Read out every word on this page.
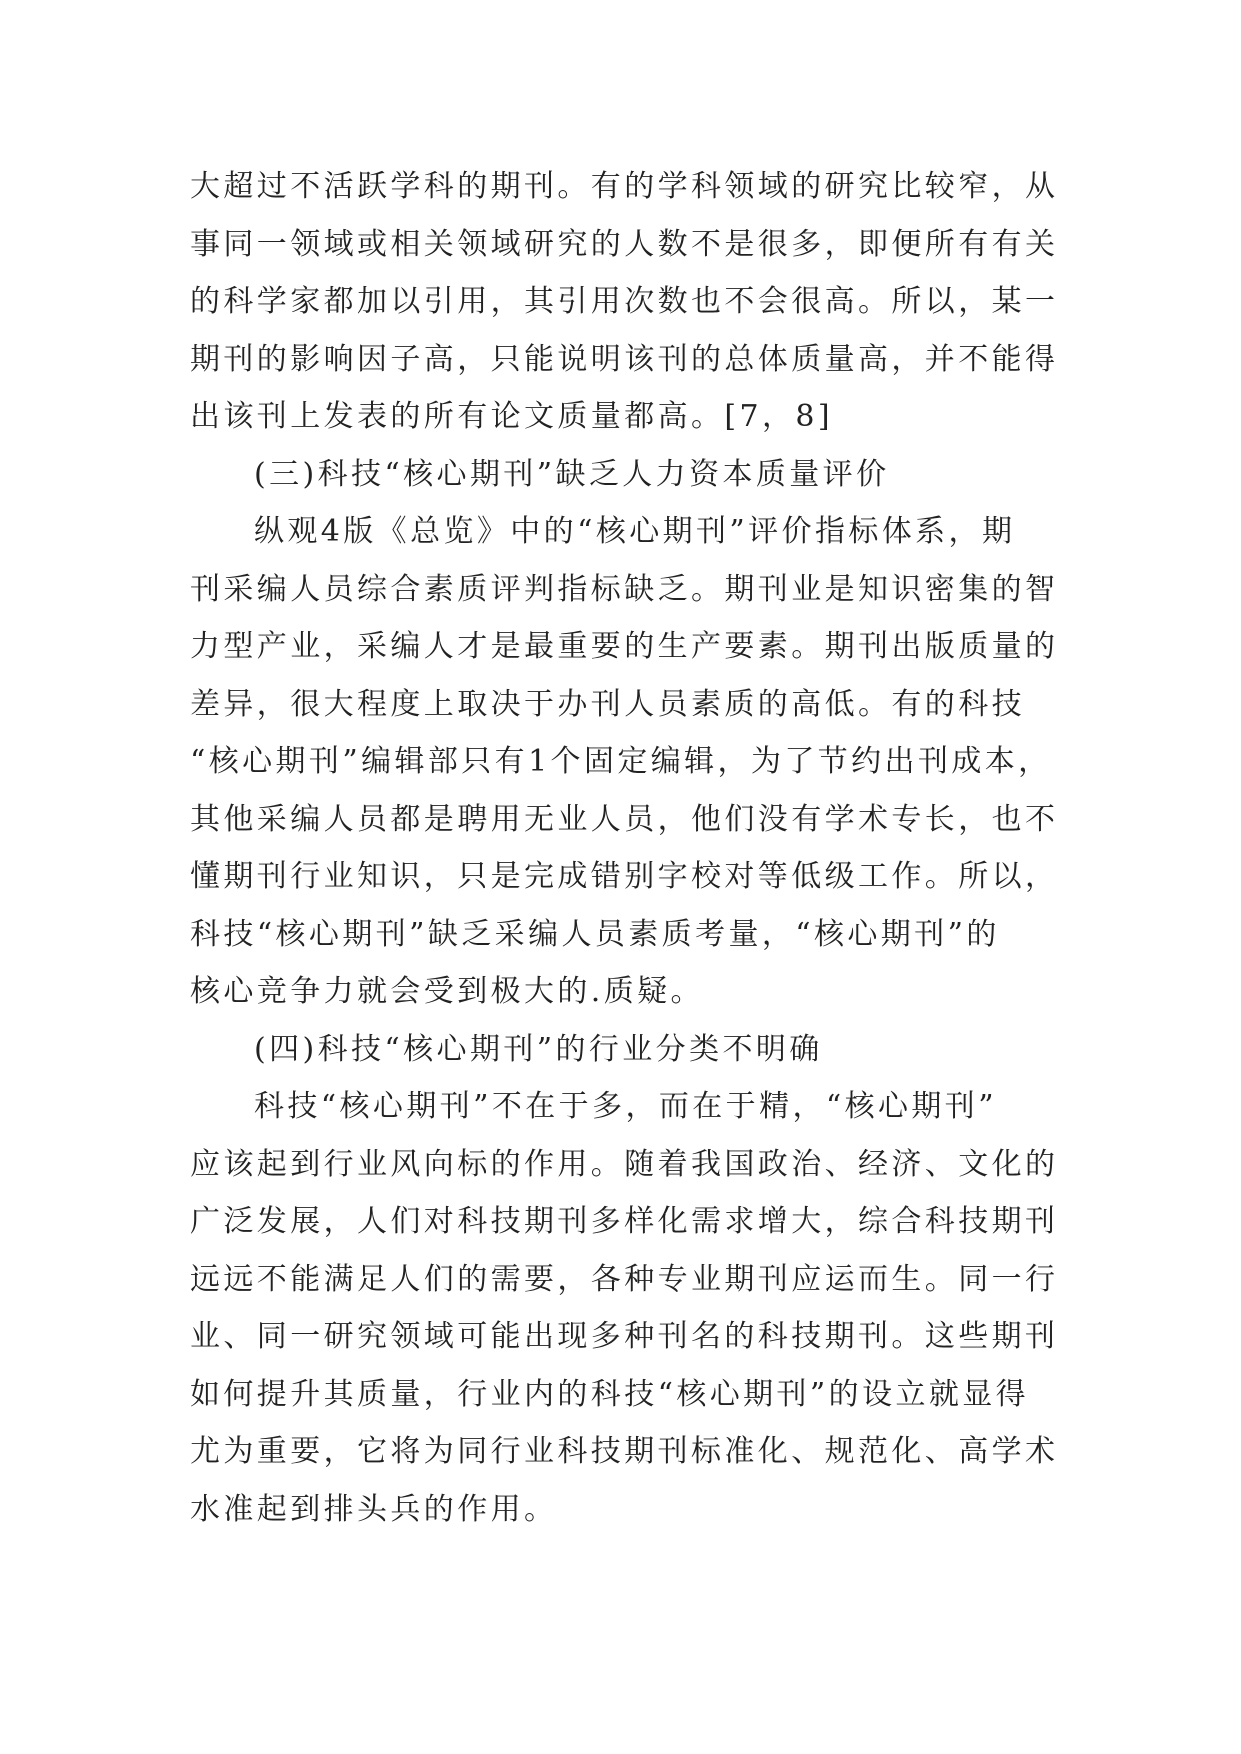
大超过不活跃学科的期刊。有的学科领域的研究比较窄，从
事同一领域或相关领域研究的人数不是很多，即便所有有关
的科学家都加以引用，其引用次数也不会很高。所以，某一
期刊的影响因子高，只能说明该刊的总体质量高，并不能得
出该刊上发表的所有论文质量都高。[7，8]
(三)科技“核心期刊”缺乏人力资本质量评价
纵观4版《总览》中的“核心期刊”评价指标体系，期
刊采编人员综合素质评判指标缺乏。期刊业是知识密集的智
力型产业，采编人才是最重要的生产要素。期刊出版质量的
差异，很大程度上取决于办刊人员素质的高低。有的科技
“核心期刊”编辑部只有1个固定编辑，为了节约出刊成本，
其他采编人员都是聘用无业人员，他们没有学术专长，也不
懂期刊行业知识，只是完成错别字校对等低级工作。所以，
科技“核心期刊”缺乏采编人员素质考量，“核心期刊”的
核心竞争力就会受到极大的.质疑。
(四)科技“核心期刊”的行业分类不明确
科技“核心期刊”不在于多，而在于精，“核心期刊”
应该起到行业风向标的作用。随着我国政治、经济、文化的
广泛发展，人们对科技期刊多样化需求增大，综合科技期刊
远远不能满足人们的需要，各种专业期刊应运而生。同一行
业、同一研究领域可能出现多种刊名的科技期刊。这些期刊
如何提升其质量，行业内的科技“核心期刊”的设立就显得
尤为重要，它将为同行业科技期刊标准化、规范化、高学术
水准起到排头兵的作用。
